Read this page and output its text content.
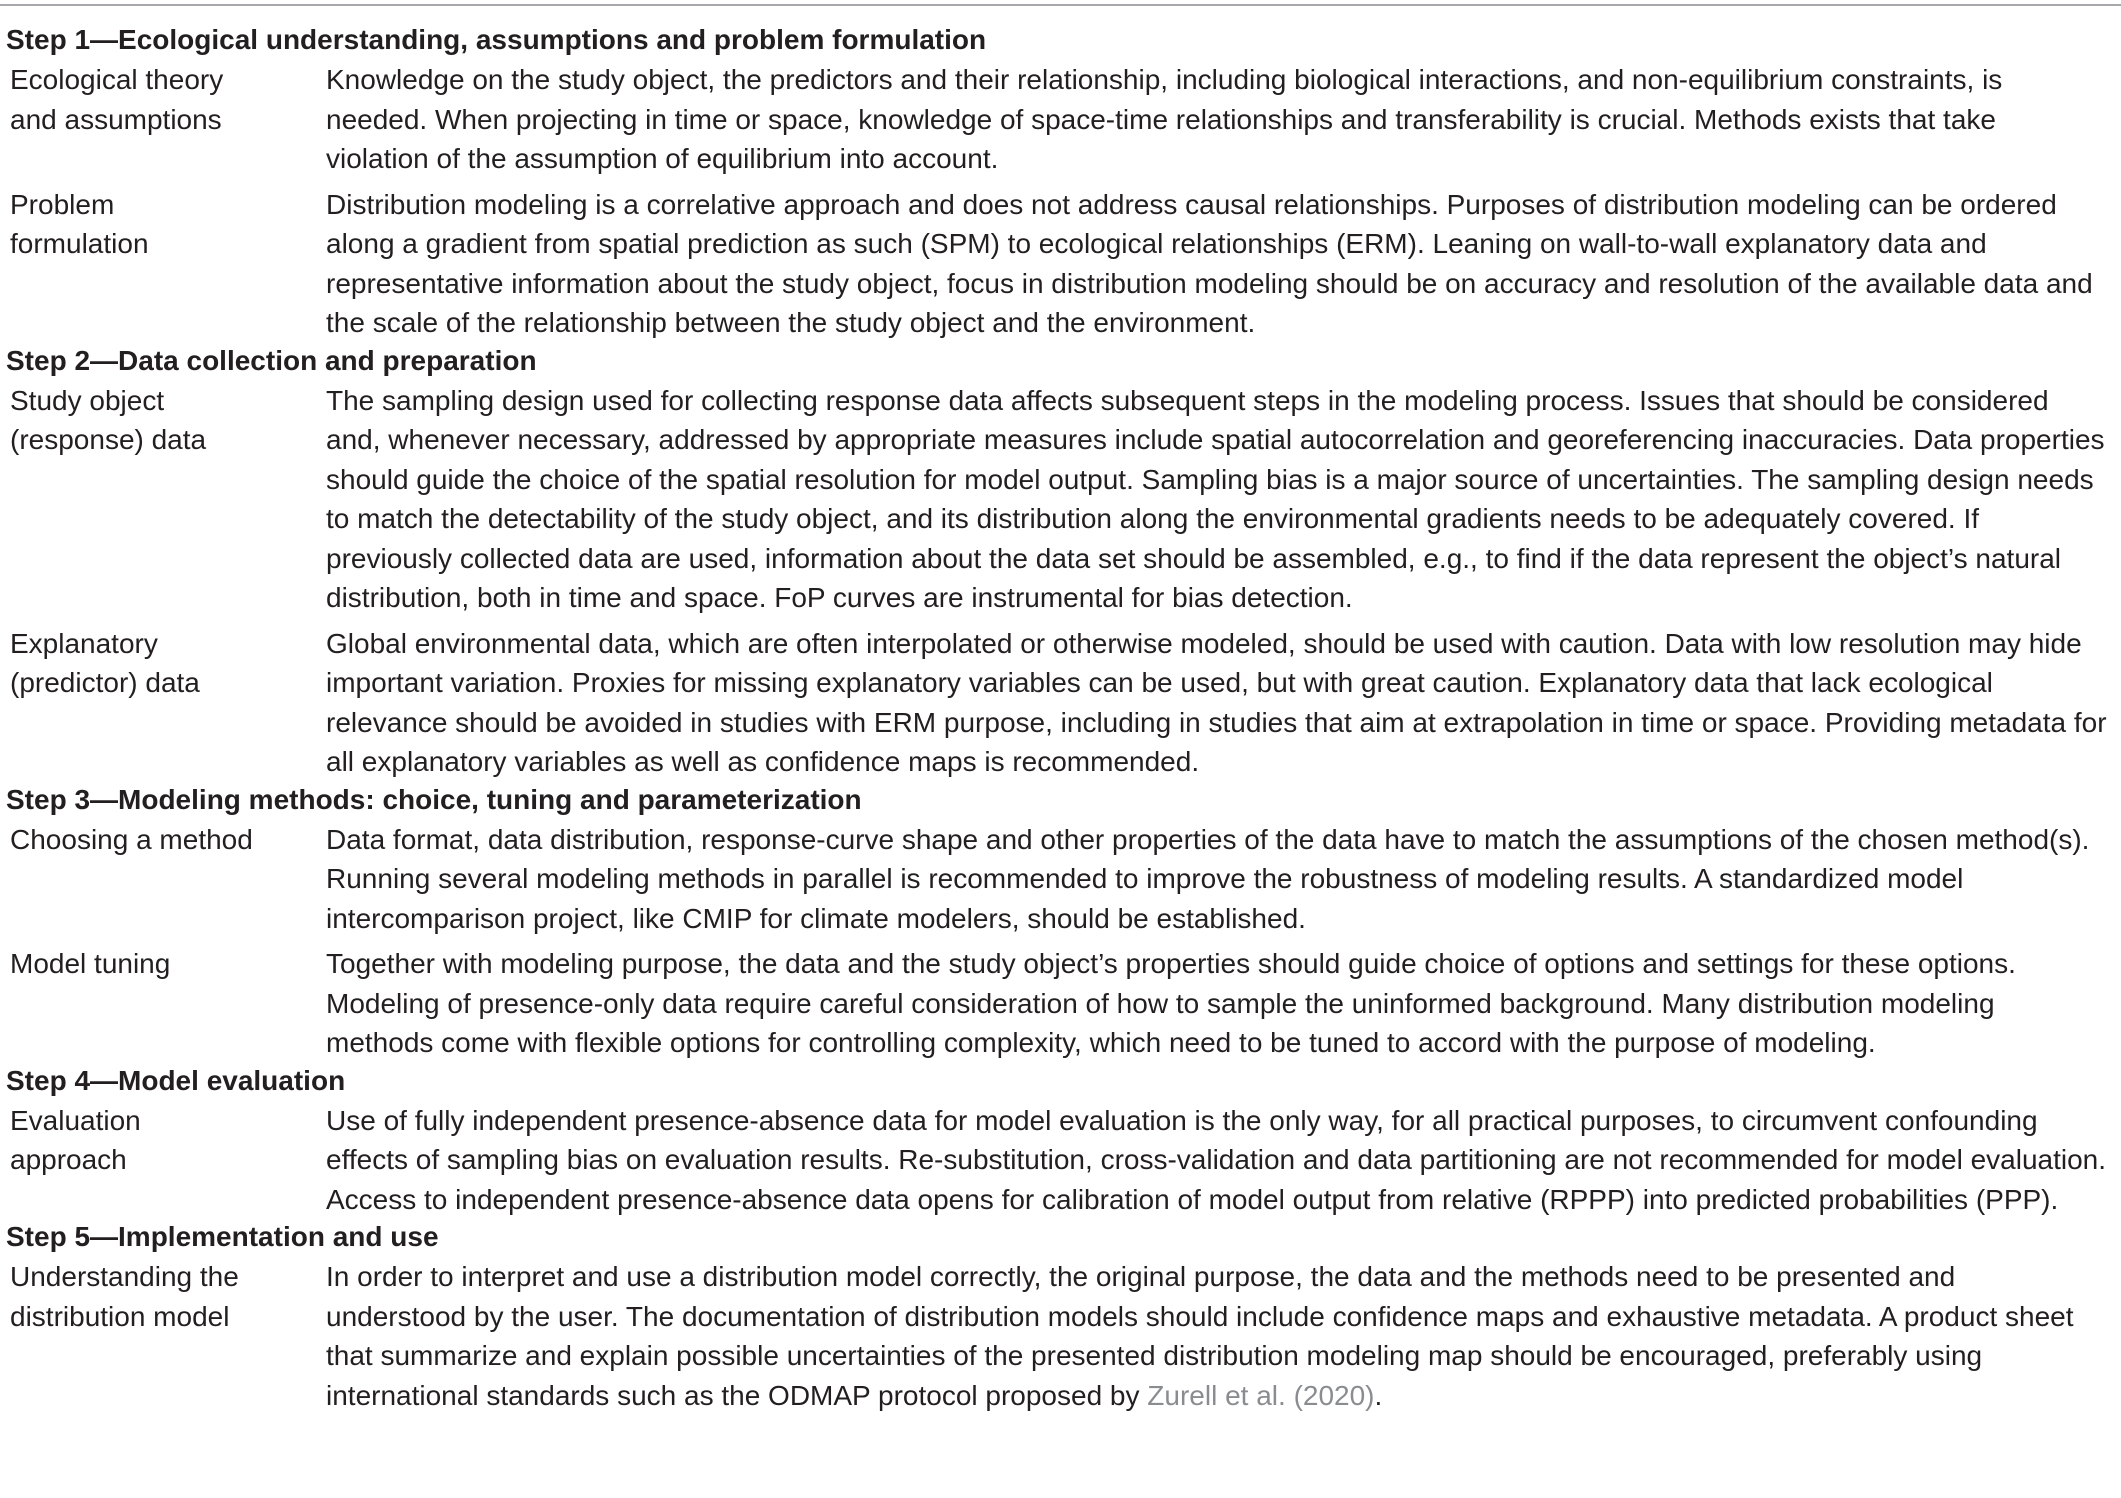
Step 1—Ecological understanding, assumptions and problem formulation
Ecological theory
and assumptions
Knowledge on the study object, the predictors and their relationship, including biological interactions, and non-equilibrium constraints, is
needed. When projecting in time or space, knowledge of space-time relationships and transferability is crucial. Methods exists that take
violation of the assumption of equilibrium into account.
Problem
formulation
Distribution modeling is a correlative approach and does not address causal relationships. Purposes of distribution modeling can be ordered
along a gradient from spatial prediction as such (SPM) to ecological relationships (ERM). Leaning on wall-to-wall explanatory data and
representative information about the study object, focus in distribution modeling should be on accuracy and resolution of the available data and
the scale of the relationship between the study object and the environment.
Step 2—Data collection and preparation
Study object
(response) data
The sampling design used for collecting response data affects subsequent steps in the modeling process. Issues that should be considered
and, whenever necessary, addressed by appropriate measures include spatial autocorrelation and georeferencing inaccuracies. Data properties
should guide the choice of the spatial resolution for model output. Sampling bias is a major source of uncertainties. The sampling design needs
to match the detectability of the study object, and its distribution along the environmental gradients needs to be adequately covered. If
previously collected data are used, information about the data set should be assembled, e.g., to find if the data represent the object’s natural
distribution, both in time and space. FoP curves are instrumental for bias detection.
Explanatory
(predictor) data
Global environmental data, which are often interpolated or otherwise modeled, should be used with caution. Data with low resolution may hide
important variation. Proxies for missing explanatory variables can be used, but with great caution. Explanatory data that lack ecological
relevance should be avoided in studies with ERM purpose, including in studies that aim at extrapolation in time or space. Providing metadata for
all explanatory variables as well as confidence maps is recommended.
Step 3—Modeling methods: choice, tuning and parameterization
Choosing a method	Data format, data distribution, response-curve shape and other properties of the data have to match the assumptions of the chosen method(s).
Running several modeling methods in parallel is recommended to improve the robustness of modeling results. A standardized model
intercomparison project, like CMIP for climate modelers, should be established.
Model tuning	Together with modeling purpose, the data and the study object’s properties should guide choice of options and settings for these options.
Modeling of presence-only data require careful consideration of how to sample the uninformed background. Many distribution modeling
methods come with flexible options for controlling complexity, which need to be tuned to accord with the purpose of modeling.
Step 4—Model evaluation
Evaluation
approach
Use of fully independent presence-absence data for model evaluation is the only way, for all practical purposes, to circumvent confounding
effects of sampling bias on evaluation results. Re-substitution, cross-validation and data partitioning are not recommended for model evaluation.
Access to independent presence-absence data opens for calibration of model output from relative (RPPP) into predicted probabilities (PPP).
Step 5—Implementation and use
Understanding the
distribution model
In order to interpret and use a distribution model correctly, the original purpose, the data and the methods need to be presented and
understood by the user. The documentation of distribution models should include confidence maps and exhaustive metadata. A product sheet
that summarize and explain possible uncertainties of the presented distribution modeling map should be encouraged, preferably using
international standards such as the ODMAP protocol proposed by Zurell et al. (2020).
